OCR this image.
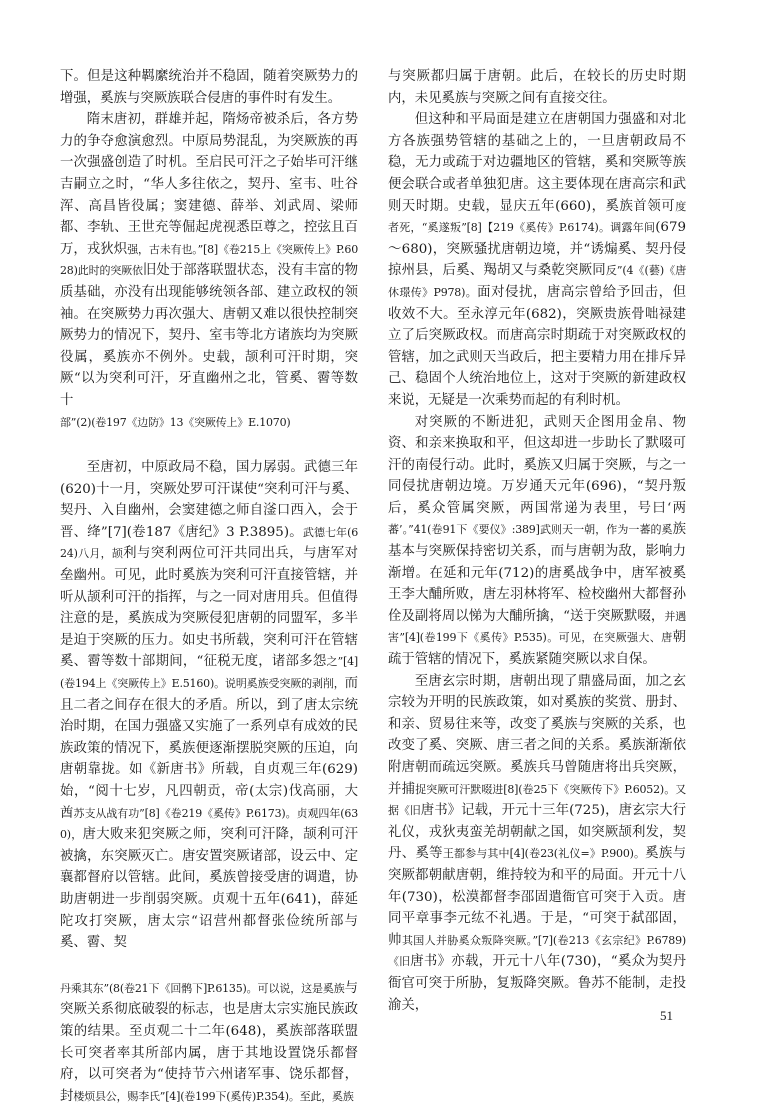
下。但是这种羁縻统治并不稳固，随着突厥势力的增强，奚族与突厥族联合侵唐的事件时有发生。

隋末唐初，群雄并起，隋炀帝被杀后，各方势力的争夺愈演愈烈。中原局势混乱，为突厥族的再一次强盛创造了时机。至启民可汗之子始毕可汗继吉嗣立之时，“华人多往依之，契丹、室韦、吐谷浑、高昌皆役属；窦建德、薛举、刘武周、梁师都、李轨、王世充等倔起虎视悉臣尊之，控弦且百万，戎狄炽强，古未有也。”[8]《卷215上《突厥传上》P.6028)此时的突厥依旧处于部落联盟状态，没有丰富的物质基础，亦没有出现能够统领各部、建立政权的领袖。在突厥势力再次强大、唐朝又难以很快控制突厥势力的情况下，契丹、室韦等北方诸族均为突厥役属，奚族亦不例外。史载，颉利可汗时期，突厥“以为突利可汗，牙直幽州之北，管奚、霫等数十
部”(2)(卷197《边防》13《突厥传上》E.1070)

至唐初，中原政局不稳，国力孱弱。武德三年(620)十一月，突厥处罗可汗谋使“突利可汗与奚、契丹、入自幽州，会窦建德之师自滏口西入，会于晋、绛”[7](卷187《唐纪》3 P.3895)。武德七年(624)八月，颉利与突利两位可汗共同出兵，与唐军对垒幽州。可见，此时奚族为突利可汗直接管辖，并听从颉利可汗的指挥，与之一同对唐用兵。但值得注意的是，奚族成为突厥侵犯唐朝的同盟军，多半是迫于突厥的压力。如史书所载，突利可汗在管辖奚、霫等数十部期间，“征税无度，诸部多怨之”[4](卷194上《突厥传上》E.5160)。说明奚族受突厥的剥削，而且二者之间存在很大的矛盾。所以，到了唐太宗统治时期，在国力强盛又实施了一系列卓有成效的民族政策的情况下，奚族便逐渐摆脱突厥的压迫，向唐朝靠拢。如《新唐书》所载，自贞观三年(629)始，“阅十七岁，凡四朝贡，帝(太宗)伐高丽，大酋苏支从战有功”[8]《卷219《奚传》P.6173)。贞观四年(630)，唐大败来犯突厥之师，突利可汗降，颉利可汗被擒，东突厥灭亡。唐安置突厥诸部，设云中、定襄都督府以管辖。此间，奚族曾接受唐的调遣，协助唐朝进一步削弱突厥。贞观十五年(641)，薛延陀攻打突厥，唐太宗“诏营州都督张俭统所部与奚、霫、契

丹乘其东”(8(卷21下《回鹘下]P.6135)。可以说，这是奚族与突厥关系彻底破裂的标志，也是唐太宗实施民族政策的结果。至贞观二十二年(648)，奚族部落联盟长可突者率其所部内属，唐于其地设置饶乐都督府，以可突者为“使持节六州诸军事、饶乐都督，封楼烦县公，赐李氏”[4](卷199下(奚传)P.354)。至此，奚族

与突厥都归属于唐朝。此后，在较长的历史时期内，未见奚族与突厥之间有直接交往。

但这种和平局面是建立在唐朝国力强盛和对北方各族强势管辖的基础之上的，一旦唐朝政局不稳，无力或疏于对边疆地区的管辖，奚和突厥等族便会联合或者单独犯唐。这主要体现在唐高宗和武则天时期。史载，显庆五年(660)，奚族首领可度者死，“奚遂叛”[8]【219《奚传》P.6174)。调露年间(679～680)，突厥骚扰唐朝边境，并“诱煽奚、契丹侵掠州县，后奚、羯胡又与桑乾突厥同反”(4《(藝)《唐休璟传》P978)。面对侵扰，唐高宗曾给予回击，但收效不大。至永淳元年(682)，突厥贵族骨咄禄建立了后突厥政权。而唐高宗时期疏于对突厥政权的管辖，加之武则天当政后，把主要精力用在排斥异己、稳固个人统治地位上，这对于突厥的新建政权来说，无疑是一次乘势而起的有利时机。

对突厥的不断进犯，武则天企图用金帛、物资、和亲来换取和平，但这却进一步助长了默啜可汗的南侵行动。此时，奚族又归属于突厥，与之一同侵扰唐朝边境。万岁通天元年(696)，“契丹叛后，奚众管属突厥，两国常递为表里，号曰‘两蕃’。”41(卷91下《要仪》:389]武则天一朝，作为一蕃的奚族基本与突厥保持密切关系，而与唐朝为敌，影响力渐增。在延和元年(712)的唐奚战争中，唐军被奚王李大酺所败，唐左羽林将军、检校幽州大都督孙佺及副将周以悌为大酺所擒，“送于突厥默啜，并遇害”[4](卷199下《奚传》P.535)。可见，在突厥强大、唐朝疏于管辖的情况下，奚族紧随突厥以求自保。

至唐玄宗时期，唐朝出现了鼎盛局面，加之玄宗较为开明的民族政策，如对奚族的奖赏、册封、和亲、贸易往来等，改变了奚族与突厥的关系，也改变了奚、突厥、唐三者之间的关系。奚族渐渐依附唐朝而疏远突厥。奚族兵马曾随唐将出兵突厥，并捕捉突厥可汗默啜进[8](卷25下《突厥传下》P.6052)。又据《旧唐书》记载，开元十三年(725)，唐玄宗大行礼仪，戎狄夷蛮羌胡朝献之国，如突厥颉利发，契丹、奚等王都参与其中[4](卷23(礼仪=》P.900)。奚族与突厥都朝献唐朝，维持较为和平的局面。开元十八年(730)，松漠都督李邵固遣衙官可突于入贡。唐同平章事李元纮不礼遇。于是，“可突于弑邵固，帅其国人并胁奚众叛降突厥。”[7](卷213《玄宗纪》P.6789)《旧唐书》亦载，开元十八年(730)，“奚众为契丹衙官可突于所胁，复叛降突厥。鲁苏不能制，走投渝关，

51
